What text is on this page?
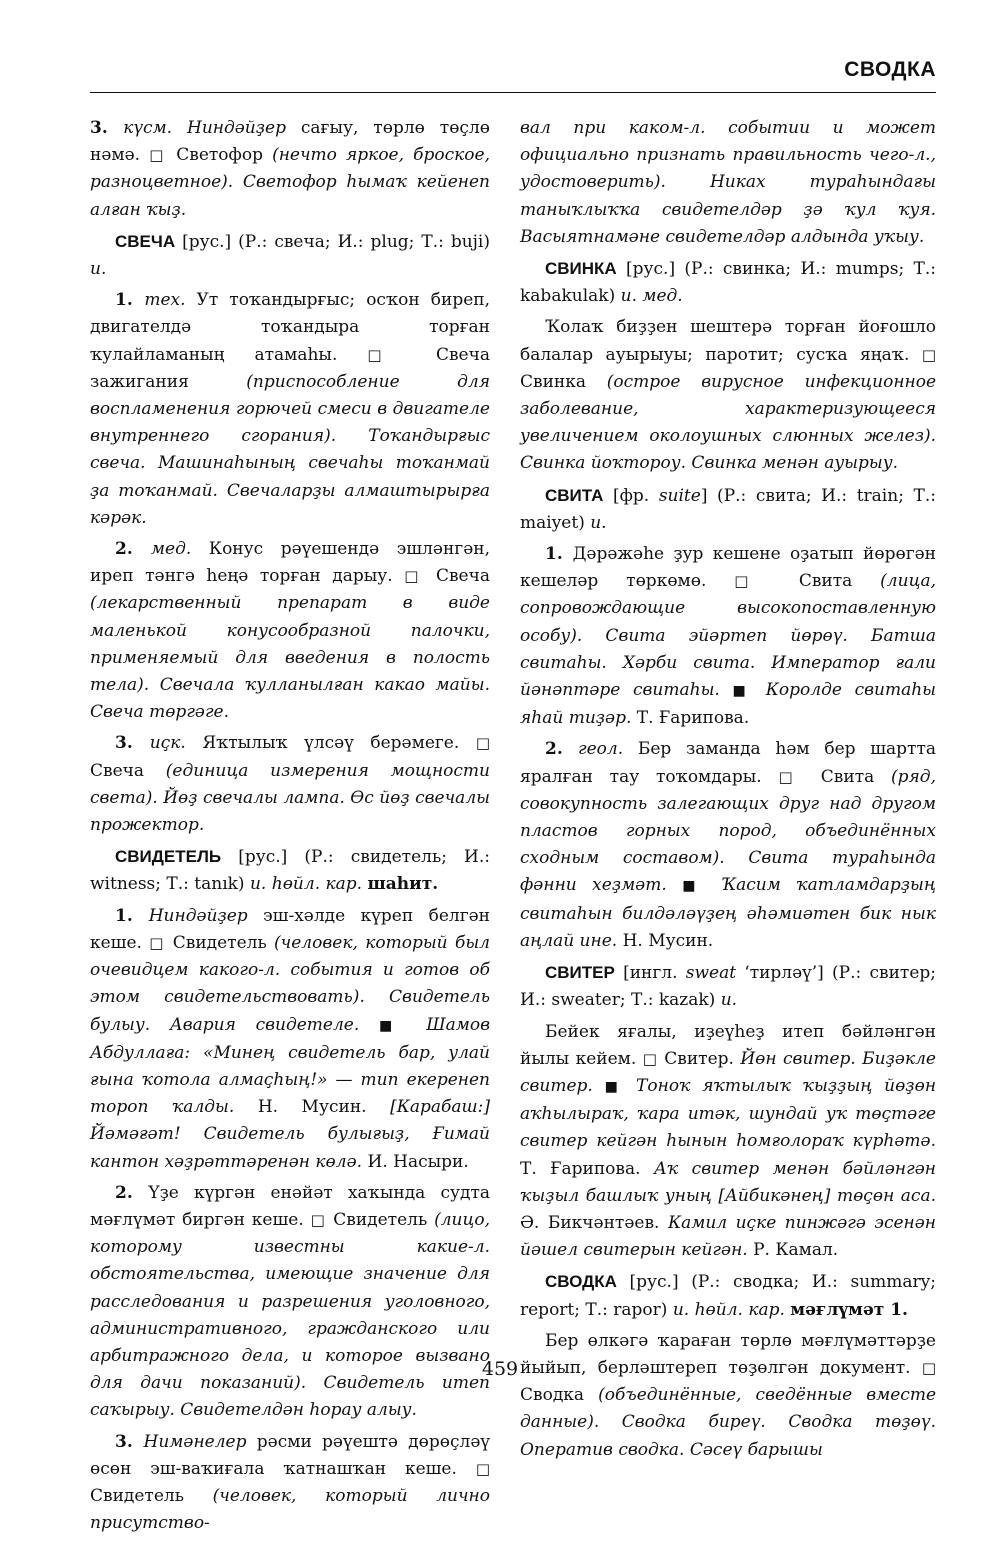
СВОДКА

3. күсм. Ниндәйҙер сағыу, төрлө төҫлө нәмә. □ Светофор (нечто яркое, броское, разноцветное). Светофор һымаҡ кейенеп алған ҡыҙ.

СВЕЧА [рус.] (Р.: свеча; И.: plug; Т.: buji) и.

1. тех. Ут тоҡандырғыс; осҡон биреп, двигателдә тоҡандыра торған ҡулайламаның атамаһы. □ Свеча зажигания (приспособление для воспламенения горючей смеси в двигателе внутреннего сгорания). Тоҡандырғыс свеча. Машинаһының свечаһы тоҡанмай ҙа тоҡанмай. Свечаларҙы алмаштырырға кәрәк.

2. мед. Конус рәүешендә эшләнгән, иреп тәнгә һеңә торған дарыу. □ Свеча (лекарственный препарат в виде маленькой конусообразной палочки, применяемый для введения в полость тела). Свечала ҡулланылған какао майы. Свеча төргәге.

3. иҫк. Яҡтылыҡ үлсәү берәмеге. □ Свеча (единица измерения мощности света). Йөҙ свечалы лампа. Өс йөҙ свечалы прожектор.

СВИДЕТЕЛЬ [рус.] (Р.: свидетель; И.: witness; Т.: tanık) и. һөйл. кар. шаһит.

1. Ниндәйҙер эш-хәлде күреп белгән кеше. □ Свидетель (человек, который был очевидцем какого-л. события и готов об этом свидетельствовать). Свидетель булыу. Авария свидетеле. ■ Шамов Абдуллаға: «Минең свидетель бар, улай ғына ҡотола алмаҫһың!» — тип екеренеп тороп ҡалды. Н. Мусин. [Карабаш:] Йәмәғәт! Свидетель булығыҙ, Ғимай кантон хәҙрәттәренән көлә. И. Насыри.

2. Үҙе күргән енәйәт хаҡында судта мәғлүмәт биргән кеше. □ Свидетель (лицо, которому известны какие-л. обстоятельства, имеющие значение для расследования и разрешения уголовного, административного, гражданского или арбитражного дела, и которое вызвано для дачи показаний). Свидетель итеп саҡырыу. Свидетелдән һорау алыу.

3. Нимәнелер рәсми рәүештә дөрөҫләү өсөн эш-ваҡиғала ҡатнашҡан кеше. □ Свидетель (человек, который лично присутство-

вал при каком-л. событии и может официально признать правильность чего-л., удостоверить). Никах тураһындағы таныҡлыҡҡа свидетелдәр ҙә ҡул ҡуя. Васыятнамәне свидетелдәр алдында уҡыу.

СВИНКА [рус.] (Р.: свинка; И.: mumps; Т.: kabakulak) и. мед.

Ҡолаҡ биҙҙен шештерә торған йоғошло балалар ауырыуы; паротит; сусҡа яңаҡ. □ Свинка (острое вирусное инфекционное заболевание, характеризующееся увеличением околоушных слюнных желез). Свинка йоҡтороу. Свинка менән ауырыу.

СВИТА [фр. suite] (Р.: свита; И.: train; Т.: maiyet) и.

1. Дәрәжәһе ҙур кешене оҙатып йөрөгән кешеләр төркөмө. □ Свита (лица, сопровождающие высокопоставленную особу). Свита эйәртеп йөрөү. Батша свитаһы. Хәрби свита. Император ғали йәнәптәре свитаһы. ■ Королде свитаһы яһай тиҙәр. Т. Ғарипова.

2. геол. Бер заманда һәм бер шартта яралған тау тоҡомдары. □ Свита (ряд, совокупность залегающих друг над другом пластов горных пород, объединённых сходным составом). Свита тураһында фәнни хеҙмәт. ■ Ҡасим ҡатламдарҙың свитаһын билдәләүҙең әһәмиәтен бик нык аңлай ине. Н. Мусин.

СВИТЕР [ингл. sweat ‘тирләү’] (Р.: свитер; И.: sweater; Т.: kazak) и.

Бейек яғалы, иҙеүһеҙ итеп бәйләнгән йылы кейем. □ Свитер. Йөн свитер. Биҙәкле свитер. ■ Тоноҡ яҡтылыҡ ҡыҙҙың йөҙөн аҡһылыраҡ, ҡара итәк, шундай уҡ төҫтәге свитер кейгән һынын һомғолораҡ күрһәтә. Т. Ғарипова. Аҡ свитер менән бәйләнгән ҡыҙыл башлыҡ уның [Айбикәнең] төҫөн аса. Ә. Бикчәнтәев. Камил иҫке пинжәгә эсенән йәшел свитерын кейгән. Р. Камал.

СВОДКА [рус.] (Р.: сводка; И.: summary; report; Т.: rapor) и. һөйл. кар. мәғлүмәт 1.

Бер өлкәгә ҡараған төрлө мәғлүмәттәрҙе йыйып, берләштереп төҙөлгән документ. □ Сводка (объединённые, сведённые вместе данные). Сводка биреү. Сводка төҙөү. Оператив сводка. Сәсеү барышы

459
